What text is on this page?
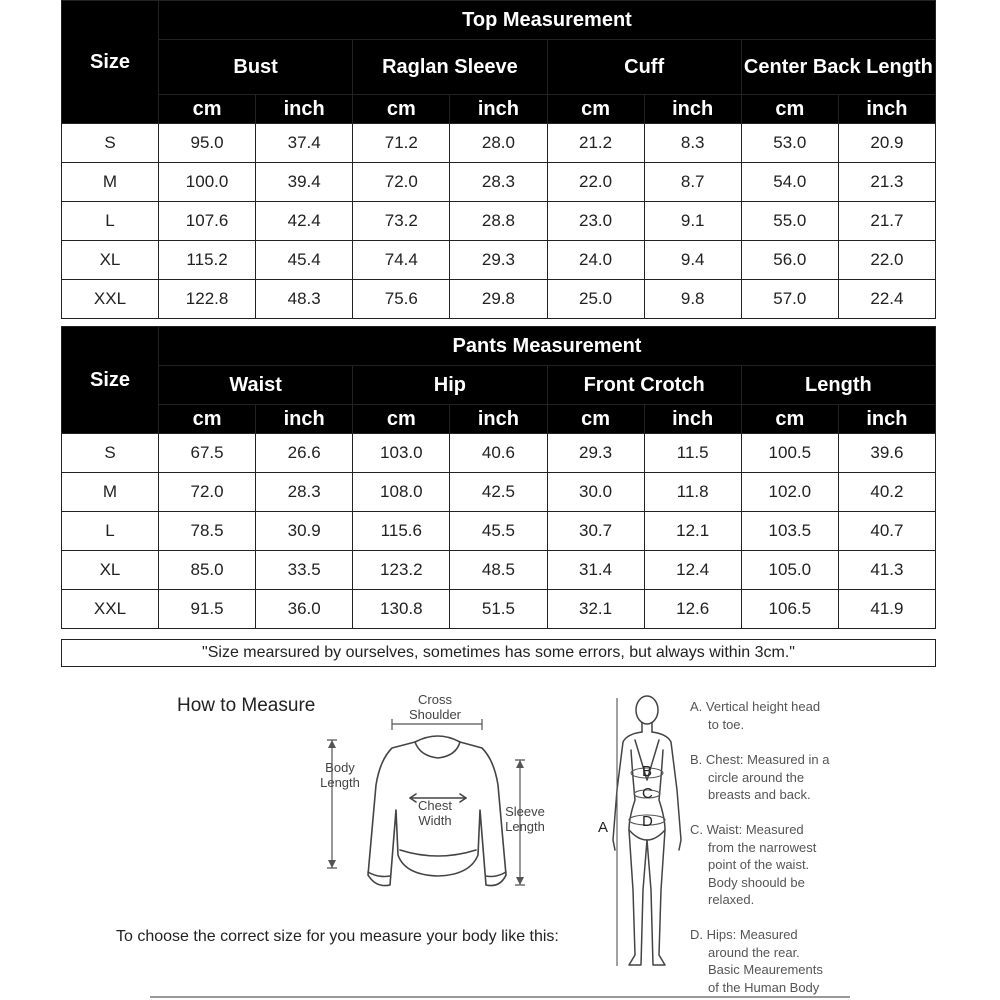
Size	Top Measurement							
	Bust		Raglan Sleeve		Cuff		Center Back Length	
	cm	inch	cm	inch	cm	inch	cm	inch
S	95.0	37.4	71.2	28.0	21.2	8.3	53.0	20.9
M	100.0	39.4	72.0	28.3	22.0	8.7	54.0	21.3
L	107.6	42.4	73.2	28.8	23.0	9.1	55.0	21.7
XL	115.2	45.4	74.4	29.3	24.0	9.4	56.0	22.0
XXL	122.8	48.3	75.6	29.8	25.0	9.8	57.0	22.4
Size	Pants Measurement							
	Waist		Hip		Front Crotch		Length	
	cm	inch	cm	inch	cm	inch	cm	inch
S	67.5	26.6	103.0	40.6	29.3	11.5	100.5	39.6
M	72.0	28.3	108.0	42.5	30.0	11.8	102.0	40.2
L	78.5	30.9	115.6	45.5	30.7	12.1	103.5	40.7
XL	85.0	33.5	123.2	48.5	31.4	12.4	105.0	41.3
XXL	91.5	36.0	130.8	51.5	32.1	12.6	106.5	41.9
"Size mearsured by ourselves, sometimes has some errors, but always within 3cm."
How to Measure	Cross
Shoulder
Body
Length
Chest
Width
Sleeve
Length
To choose the correct size for you measure your body like this:
A
B
C
D
A. Vertical height head
to toe.
B. Chest: Measured in a
circle around the
breasts and back.
C. Waist: Measured
from the narrowest
point of the waist.
Body shoould be
relaxed.
D. Hips: Measured
around the rear.
Basic Meaurements
of the Human Body
